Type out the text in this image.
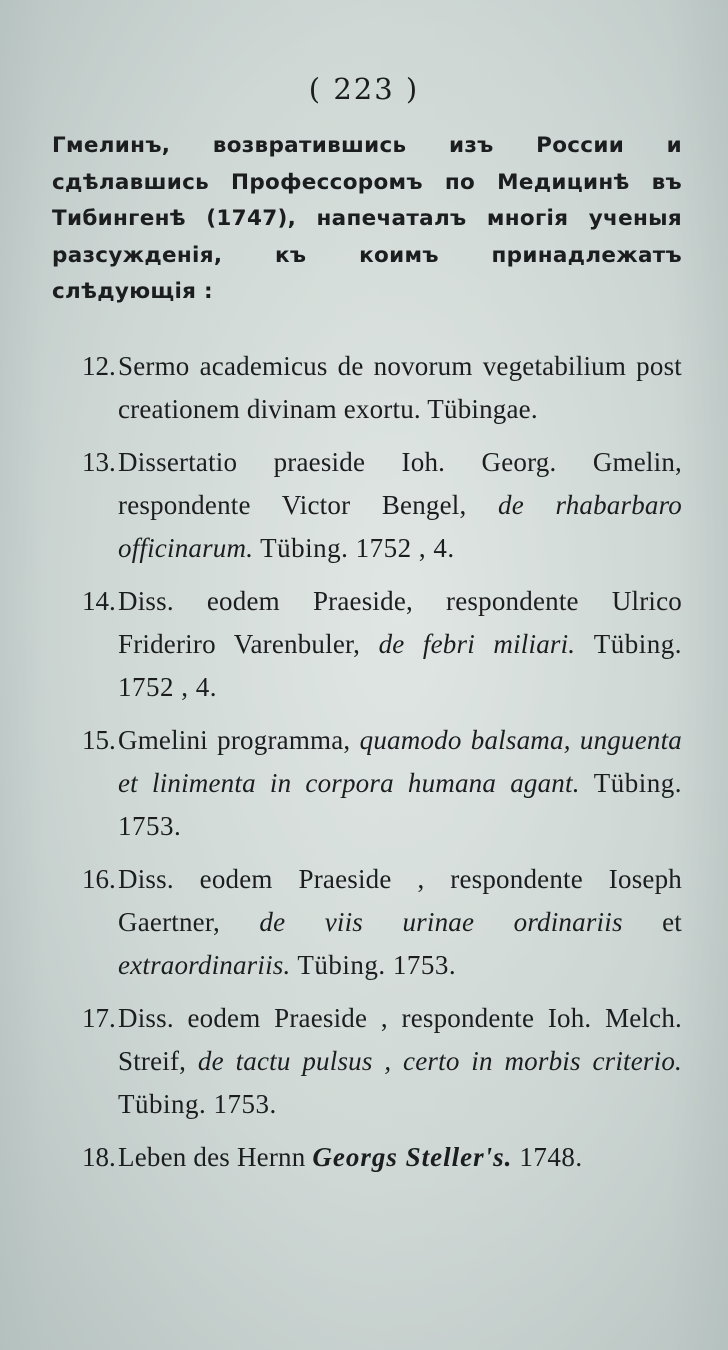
( 223 )
Гмелинъ, возвратившись изъ России и сдѣлавшись Профессоромъ по Медицинѣ въ Тибингенѣ (1747), напечаталъ многія ученыя разсужденія, къ коимъ принадлежатъ слѣдующія :
12. Sermo academicus de novorum vegetabilium post creationem divinam exortu. Tübingae.
13. Dissertatio praeside Ioh. Georg. Gmelin, respondente Victor Bengel, de rhabarbaro officinarum. Tübing. 1752 , 4.
14. Diss. eodem Praeside, respondente Ulrico Frideriro Varenbuler, de febri miliari. Tübing. 1752 , 4.
15. Gmelini programma, quamodo balsama, unguenta et linimenta in corpora humana agant. Tübing. 1753.
16. Diss. eodem Praeside , respondente Ioseph Gaertner, de viis urinae ordinariis et extraordinariis. Tübing. 1753.
17. Diss. eodem Praeside , respondente Ioh. Melch. Streif, de tactu pulsus , certo in morbis criterio. Tübing. 1753.
18. Leben des Hernn Georgs Steller's. 1748.
